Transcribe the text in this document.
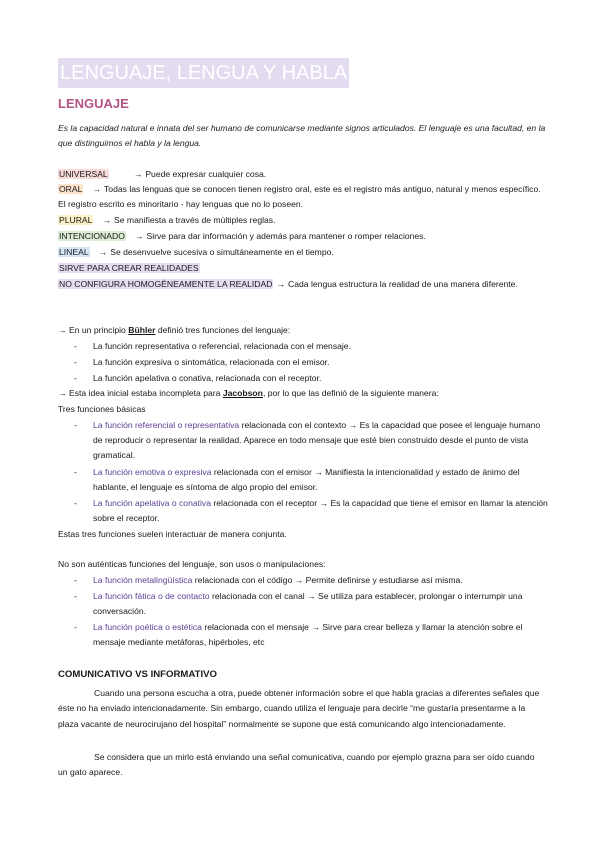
LENGUAJE, LENGUA Y HABLA
LENGUAJE
Es la capacidad natural e innata del ser humano de comunicarse mediante signos articulados. El lenguaje es una facultad, en la que distinguimos el habla y la lengua.
UNIVERSAL	→ Puede expresar cualquier cosa.
ORAL → Todas las lenguas que se conocen tienen registro oral, este es el registro más antiguo, natural y menos específico. El registro escrito es minoritario - hay lenguas que no lo poseen.
PLURAL → Se manifiesta a través de múltiples reglas.
INTENCIONADO → Sirve para dar información y además para mantener o romper relaciones.
LINEAL → Se desenvuelve sucesiva o simultáneamente en el tiempo.
SIRVE PARA CREAR REALIDADES
NO CONFIGURA HOMOGÉNEAMENTE LA REALIDAD → Cada lengua estructura la realidad de una manera diferente.
→ En un principio Bühler definió tres funciones del lenguaje:
- La función representativa o referencial, relacionada con el mensaje.
- La función expresiva o sintomática, relacionada con el emisor.
- La función apelativa o conativa, relacionada con el receptor.
→ Esta idea inicial estaba incompleta para Jacobson, por lo que las definió de la siguiente manera:
Tres funciones básicas
- La función referencial o representativa relacionada con el contexto → Es la capacidad que posee el lenguaje humano de reproducir o representar la realidad. Aparece en todo mensaje que esté bien construido desde el punto de vista gramatical.
- La función emotiva o expresiva relacionada con el emisor → Manifiesta la intencionalidad y estado de ánimo del hablante, el lenguaje es síntoma de algo propio del emisor.
- La función apelativa o conativa relacionada con el receptor → Es la capacidad que tiene el emisor en llamar la atención sobre el receptor.
Estas tres funciones suelen interactuar de manera conjunta.
No son auténticas funciones del lenguaje, son usos o manipulaciones:
- La función metalingüística relacionada con el código → Permite definirse y estudiarse así misma.
- La función fática o de contacto relacionada con el canal → Se utiliza para establecer, prolongar o interrumpir una conversación.
- La función poética o estética relacionada con el mensaje → Sirve para crear belleza y llamar la atención sobre el mensaje mediante metáforas, hipérboles, etc
COMUNICATIVO VS INFORMATIVO
Cuando una persona escucha a otra, puede obtener información sobre el que habla gracias a diferentes señales que éste no ha enviado intencionadamente. Sin embargo, cuando utiliza el lenguaje para decirle “me gustaría presentarme a la plaza vacante de neurocirujano del hospital” normalmente se supone que está comunicando algo intencionadamente.
Se considera que un mirlo está enviando una señal comunicativa, cuando por ejemplo grazna para ser oído cuando un gato aparece.
